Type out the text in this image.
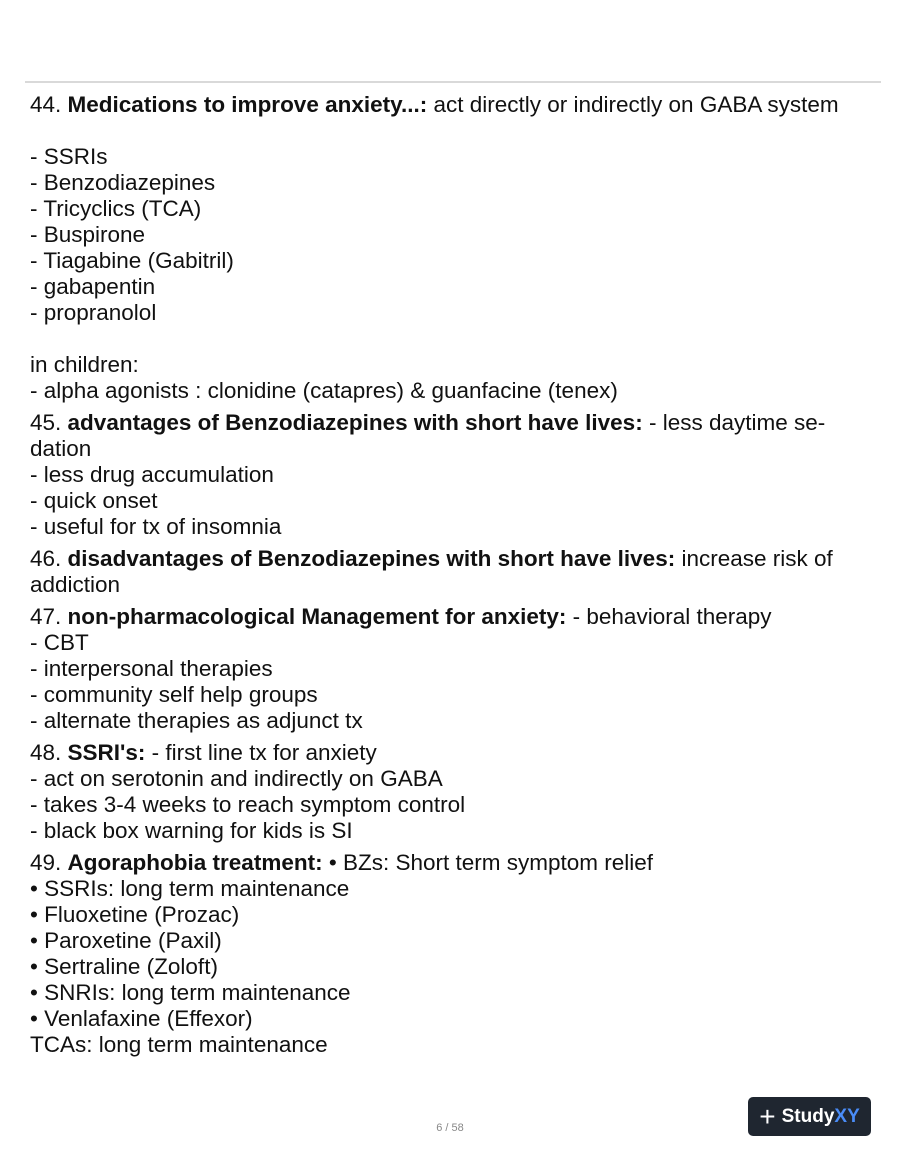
44. Medications to improve anxiety...: act directly or indirectly on GABA system
- SSRIs
- Benzodiazepines
- Tricyclics (TCA)
- Buspirone
- Tiagabine (Gabitril)
- gabapentin
- propranolol
in children:
- alpha agonists : clonidine (catapres) & guanfacine (tenex)
45. advantages of Benzodiazepines with short have lives: - less daytime se-
dation
- less drug accumulation
- quick onset
- useful for tx of insomnia
46. disadvantages of Benzodiazepines with short have lives: increase risk of
addiction
47. non-pharmacological Management for anxiety: - behavioral therapy
- CBT
- interpersonal therapies
- community self help groups
- alternate therapies as adjunct tx
48. SSRI's: - first line tx for anxiety
- act on serotonin and indirectly on GABA
- takes 3-4 weeks to reach symptom control
- black box warning for kids is SI
49. Agoraphobia treatment: • BZs: Short term symptom relief
• SSRIs: long term maintenance
• Fluoxetine (Prozac)
• Paroxetine (Paxil)
• Sertraline (Zoloft)
• SNRIs: long term maintenance
• Venlafaxine (Effexor)
TCAs: long term maintenance
6 / 58	+ Study XY
